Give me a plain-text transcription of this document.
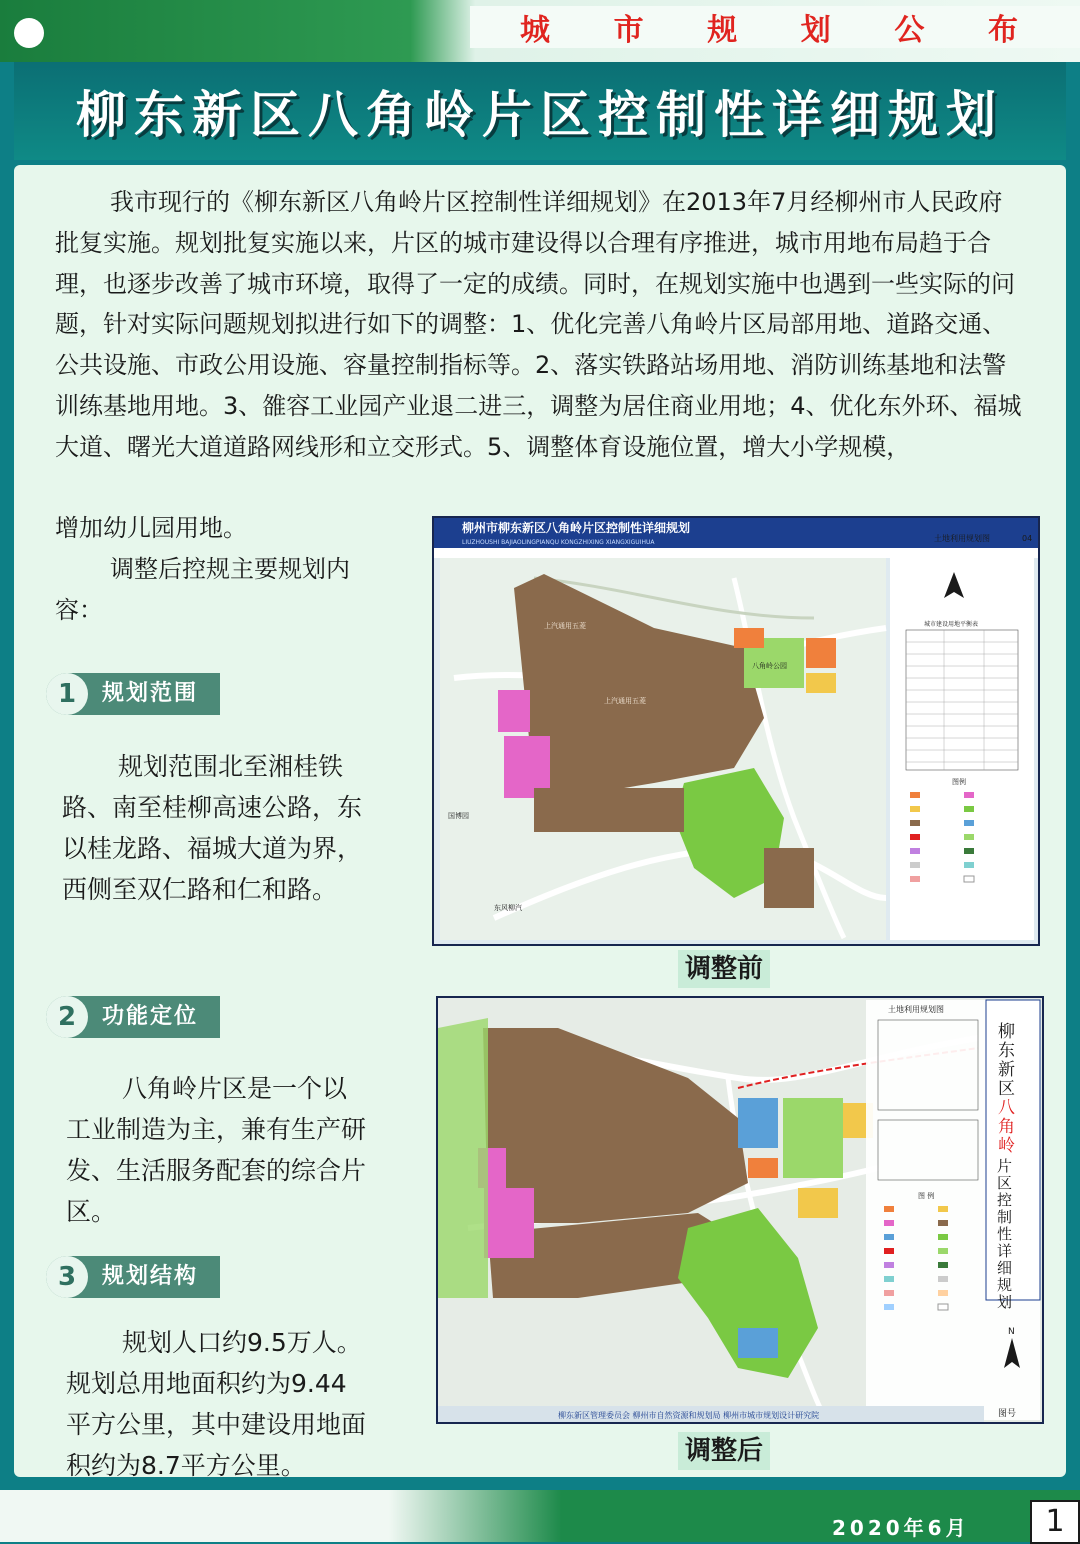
城 市 规 划 公 布
柳东新区八角岭片区控制性详细规划

我市现行的《柳东新区八角岭片区控制性详细规划》在2013年7月经柳州市人民政府批复实施。规划批复实施以来，片区的城市建设得以合理有序推进，城市用地布局趋于合理，也逐步改善了城市环境，取得了一定的成绩。同时，在规划实施中也遇到一些实际的问题，针对实际问题规划拟进行如下的调整：1、优化完善八角岭片区局部用地、道路交通、公共设施、市政公用设施、容量控制指标等。2、落实铁路站场用地、消防训练基地和法警训练基地用地。3、雒容工业园产业退二进三，调整为居住商业用地；4、优化东外环、福城大道、曙光大道道路网线形和立交形式。5、调整体育设施位置，增大小学规模，

增加幼儿园用地。

调整后控规主要规划内容：

1	规划范围

规划范围北至湘桂铁路、南至桂柳高速公路，东以桂龙路、福城大道为界，西侧至双仁路和仁和路。

2	功能定位

八角岭片区是一个以工业制造为主，兼有生产研发、生活服务配套的综合片区。

3	规划结构

规划人口约9.5万人。规划总用地面积约为9.44平方公里，其中建设用地面积约为8.7平方公里。

柳州市柳东新区八角岭片区控制性详细规划
LIUZHOUSHI BAJIAOLINGPIANQU KONGZHIXING XIANGXIGUIHUA	土地利用规划图	04
上汽通用五菱
上汽通用五菱
八角岭公园
国博园
东风柳汽
城市建设用地平衡表
图例
调整前
土地利用规划图
图 例
柳东新区
八角岭
片区控制性详细规划
N
图号
柳东新区管理委员会 柳州市自然资源和规划局 柳州市城市规划设计研究院
调整后
2020年6月	1
